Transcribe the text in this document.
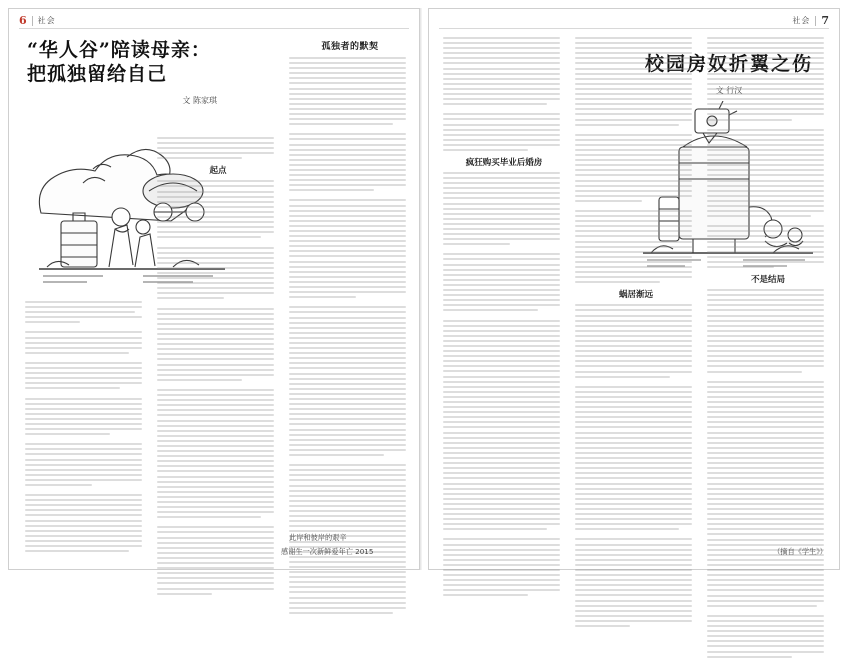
6 社会
“华人谷”陪读母亲：
把孤独留给自己
文 陈家琪
起点
孤独者的默契
此岸和彼岸的艰辛
感谢生一次新鲜爱年亡 2015
社会 7
校园房奴折翼之伤
文 行汉
疯狂购买毕业后婚房
蜗居渐远
不是结局
（摘自《学生》）
